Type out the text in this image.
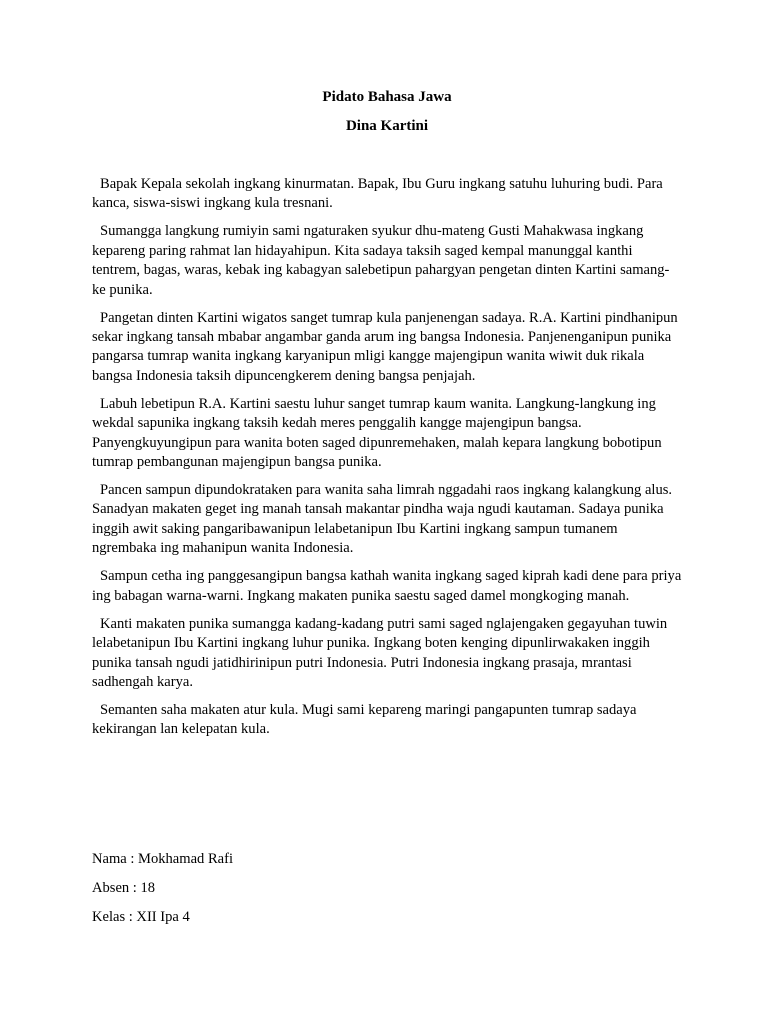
Pidato Bahasa Jawa

Dina Kartini

Bapak Kepala sekolah ingkang kinurmatan. Bapak, Ibu Guru ingkang satuhu luhuring budi. Para kanca, siswa-siswi ingkang kula tresnani.

Sumangga langkung rumiyin sami ngaturaken syukur dhu-mateng Gusti Mahakwasa ingkang kepareng paring rahmat lan hidayahipun. Kita sadaya taksih saged kempal manunggal kanthi tentrem, bagas, waras, kebak ing kabagyan salebetipun pahargyan pengetan dinten Kartini samang-ke punika.

Pangetan dinten Kartini wigatos sanget tumrap kula panjenengan sadaya. R.A. Kartini pindhanipun sekar ingkang tansah mbabar angambar ganda arum ing bangsa Indonesia. Panjenenganipun punika pangarsa tumrap wanita ingkang karyanipun mligi kangge majengipun wanita wiwit duk rikala bangsa Indonesia taksih dipuncengkerem dening bangsa penjajah.

Labuh lebetipun R.A. Kartini saestu luhur sanget tumrap kaum wanita. Langkung-langkung ing wekdal sapunika ingkang taksih kedah meres penggalih kangge majengipun bangsa. Panyengkuyungipun para wanita boten saged dipunremehaken, malah kepara langkung bobotipun tumrap pembangunan majengipun bangsa punika.

Pancen sampun dipundokrataken para wanita saha limrah nggadahi raos ingkang kalangkung alus. Sanadyan makaten geget ing manah tansah makantar pindha waja ngudi kautaman. Sadaya punika inggih awit saking pangaribawanipun lelabetanipun Ibu Kartini ingkang sampun tumanem ngrembaka ing mahanipun wanita Indonesia.

Sampun cetha ing panggesangipun bangsa kathah wanita ingkang saged kiprah kadi dene para priya ing babagan warna-warni. Ingkang makaten punika saestu saged damel mongkoging manah.

Kanti makaten punika sumangga kadang-kadang putri sami saged nglajengaken gegayuhan tuwin lelabetanipun Ibu Kartini ingkang luhur punika. Ingkang boten kenging dipunlirwakaken inggih punika tansah ngudi jatidhirinipun putri Indonesia. Putri Indonesia ingkang prasaja, mrantasi sadhengah karya.

Semanten saha makaten atur kula. Mugi sami kepareng maringi pangapunten tumrap sadaya kekirangan lan kelepatan kula.

Nama : Mokhamad Rafi

Absen : 18

Kelas : XII Ipa 4
